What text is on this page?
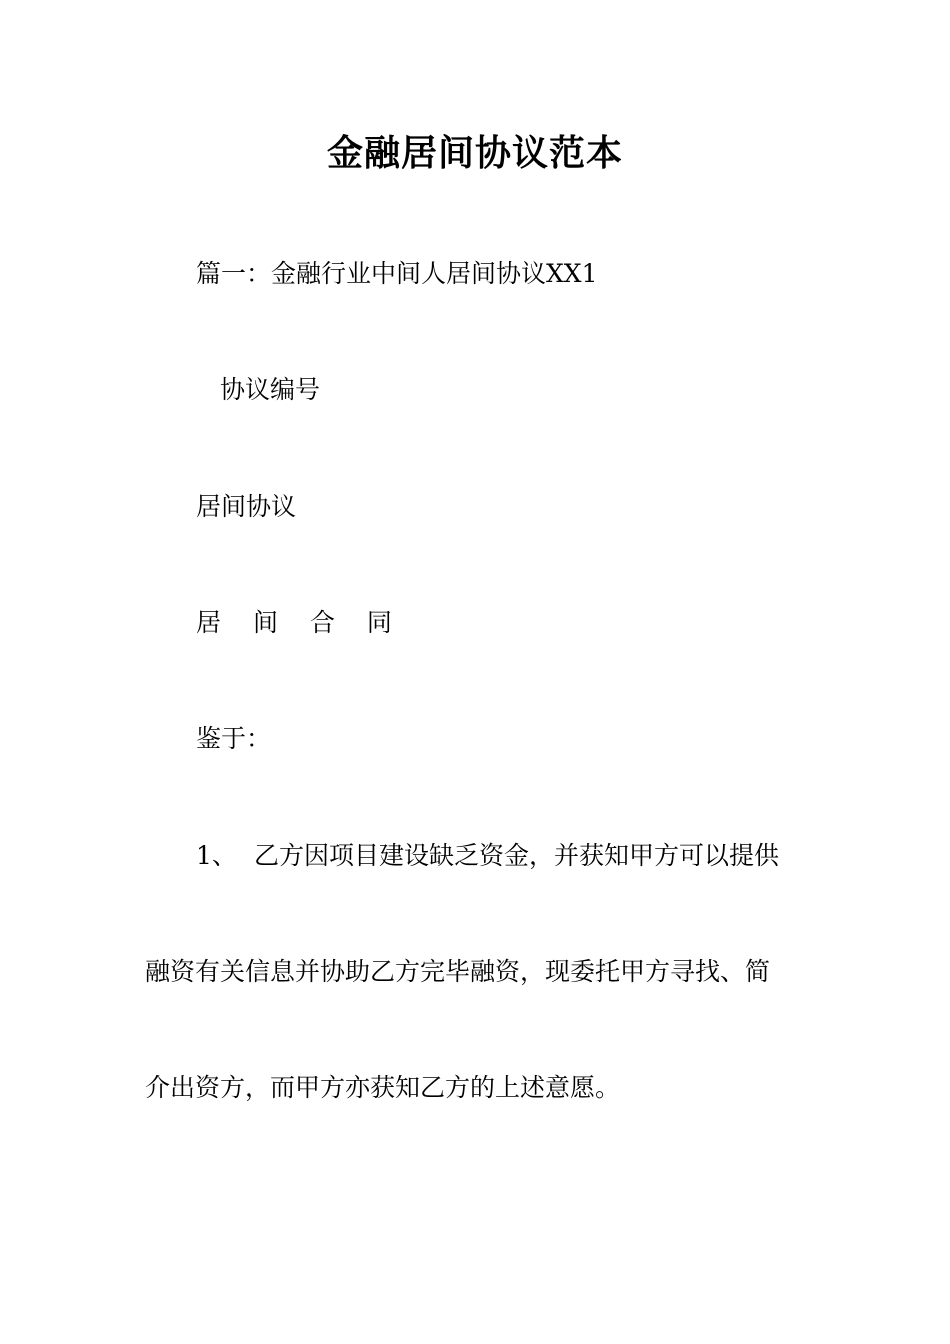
金融居间协议范本
篇一：金融行业中间人居间协议XX1
协议编号
居间协议
居 间 合 同
鉴于：
1、 乙方因项目建设缺乏资金，并获知甲方可以提供
融资有关信息并协助乙方完毕融资，现委托甲方寻找、简
介出资方，而甲方亦获知乙方的上述意愿。
